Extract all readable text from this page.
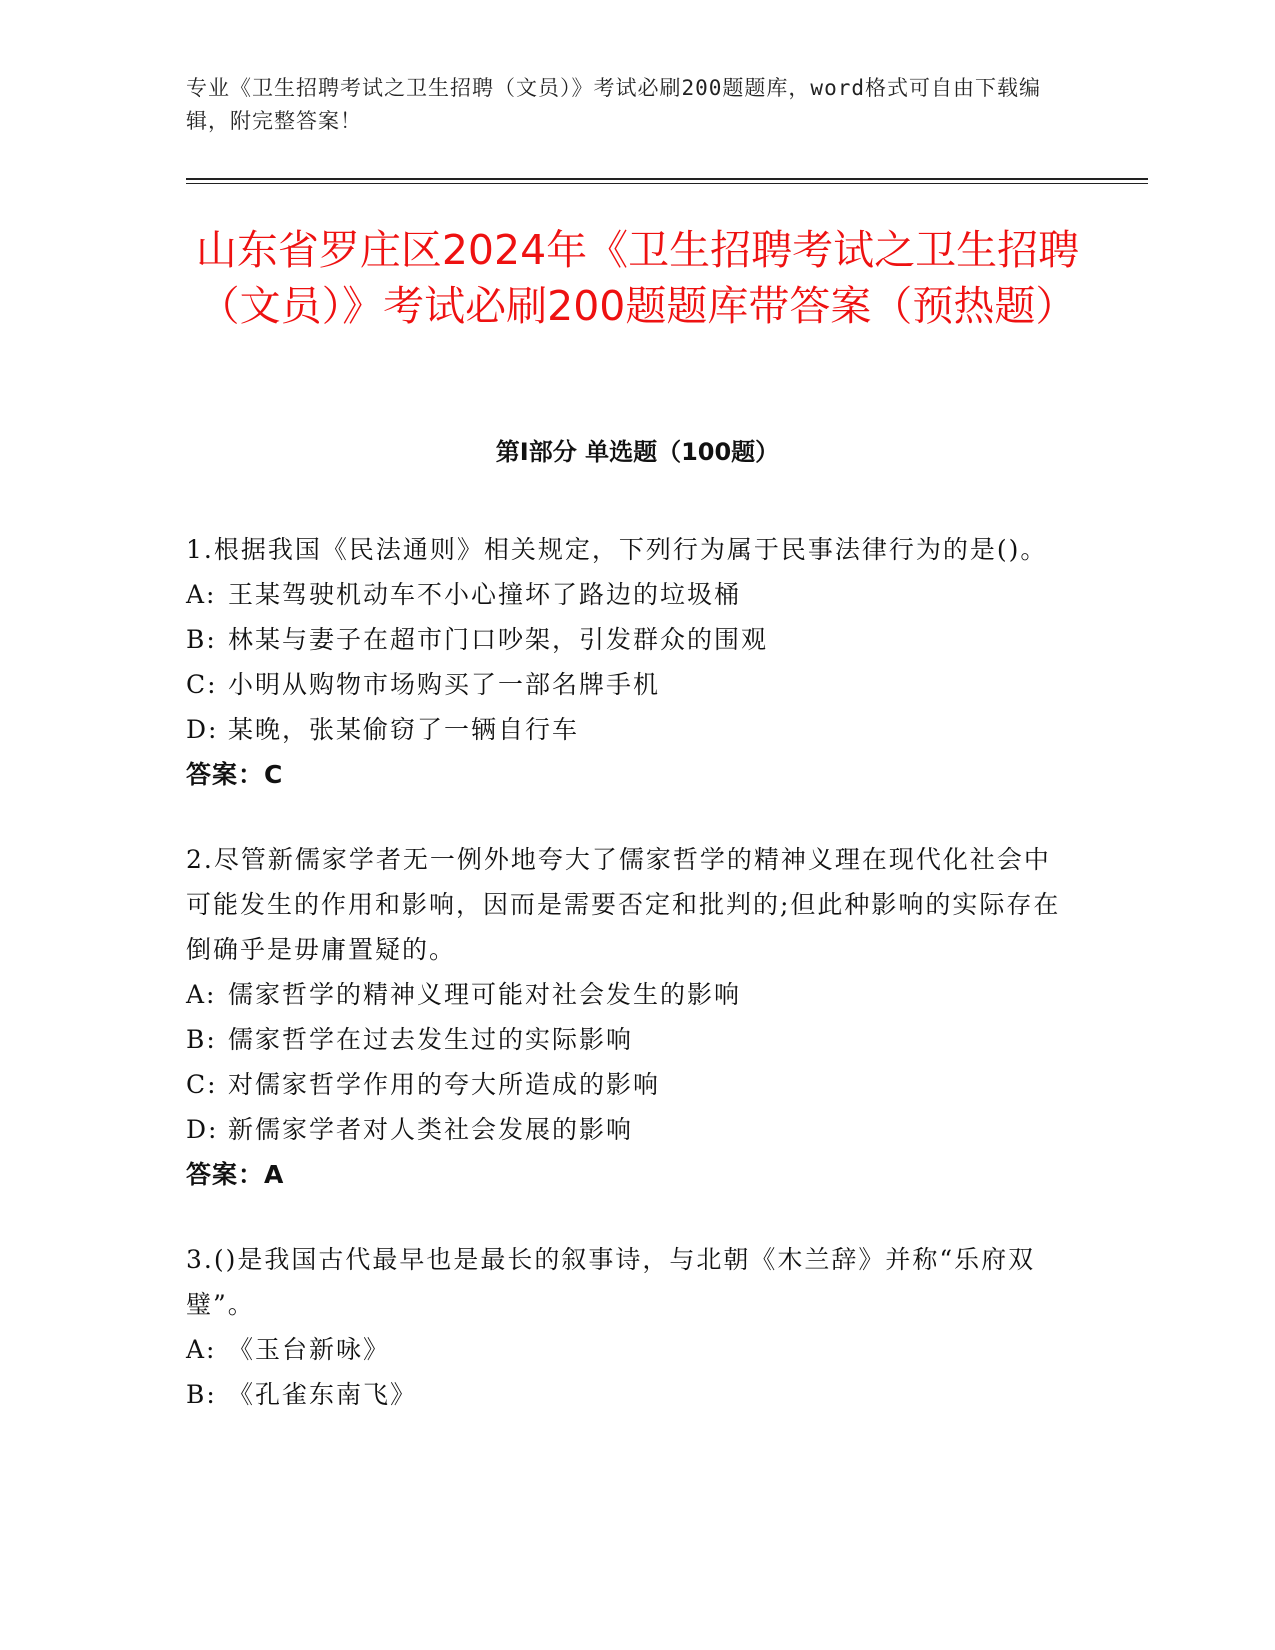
专业《卫生招聘考试之卫生招聘（文员）》考试必刷200题题库，word格式可自由下载编辑，附完整答案！
山东省罗庄区2024年《卫生招聘考试之卫生招聘（文员）》考试必刷200题题库带答案（预热题）
第Ⅰ部分 单选题（100题）

1.根据我国《民法通则》相关规定，下列行为属于民事法律行为的是()。

A: 王某驾驶机动车不小心撞坏了路边的垃圾桶

B: 林某与妻子在超市门口吵架，引发群众的围观

C: 小明从购物市场购买了一部名牌手机

D: 某晚，张某偷窃了一辆自行车

答案：C

2.尽管新儒家学者无一例外地夸大了儒家哲学的精神义理在现代化社会中可能发生的作用和影响，因而是需要否定和批判的;但此种影响的实际存在倒确乎是毋庸置疑的。

A: 儒家哲学的精神义理可能对社会发生的影响

B: 儒家哲学在过去发生过的实际影响

C: 对儒家哲学作用的夸大所造成的影响

D: 新儒家学者对人类社会发展的影响

答案：A

3.()是我国古代最早也是最长的叙事诗，与北朝《木兰辞》并称“乐府双璧”。

A: 《玉台新咏》

B: 《孔雀东南飞》
